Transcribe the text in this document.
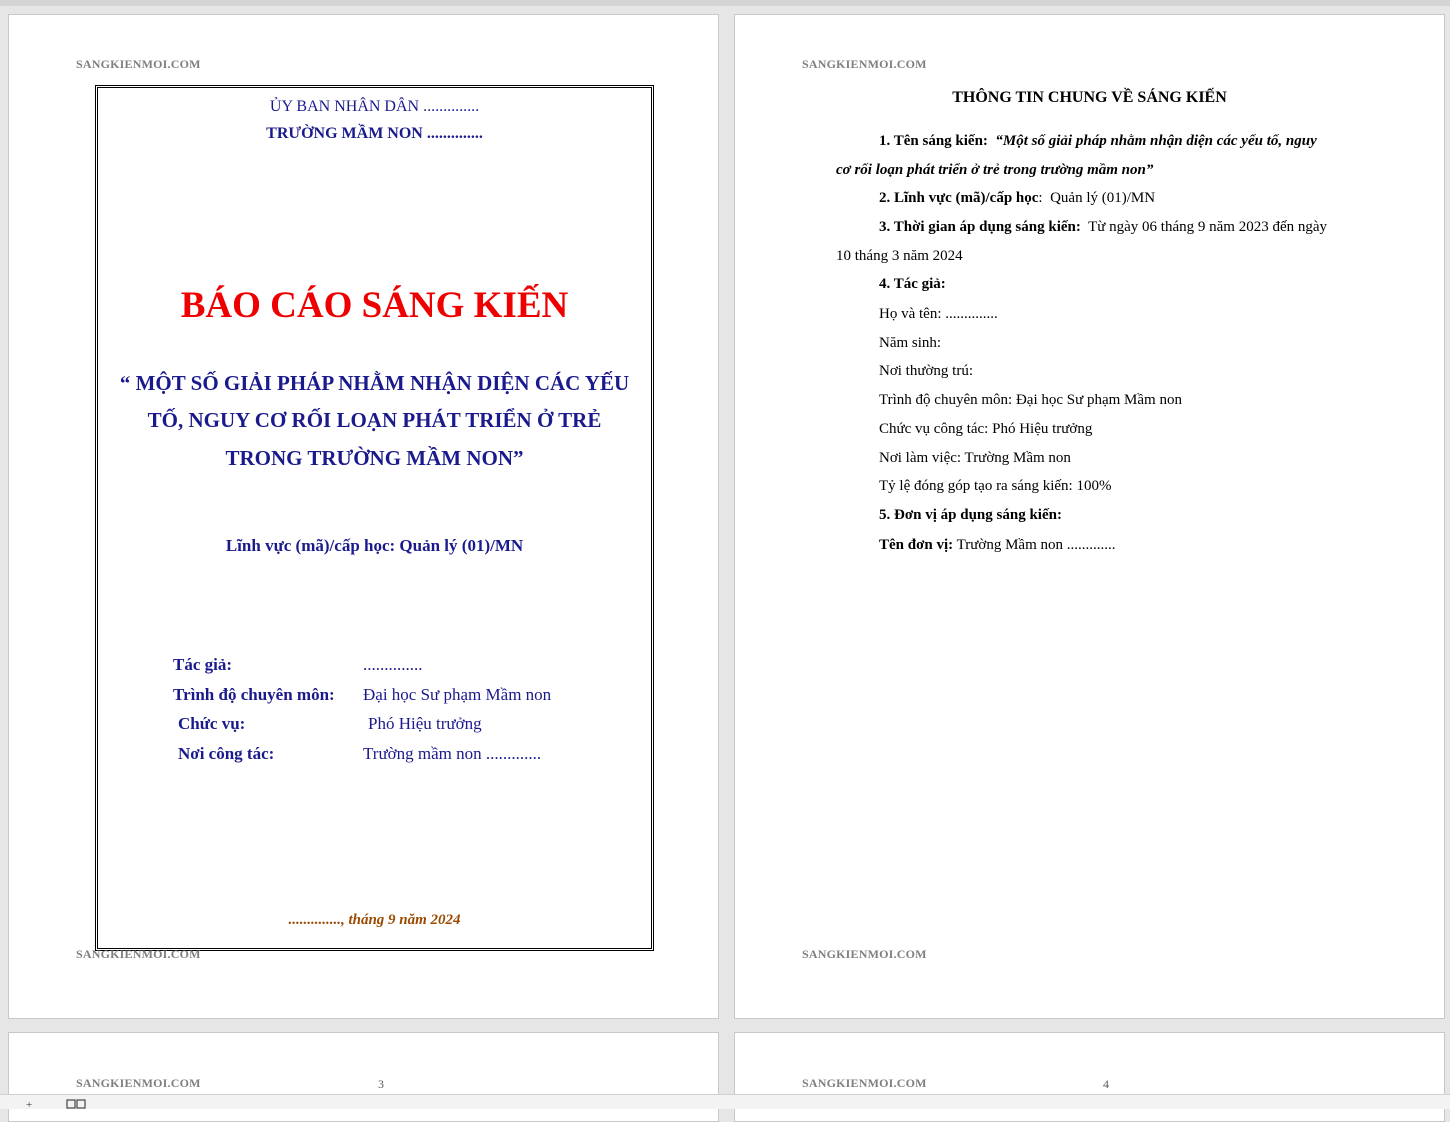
SANGKIENMOI.COM
ỦY BAN NHÂN DÂN ..............
TRƯỜNG MẦM NON ..............
BÁO CÁO SÁNG KIẾN
“ MỘT SỐ GIẢI PHÁP NHẰM NHẬN DIỆN CÁC YẾU
TỐ, NGUY CƠ RỐI LOẠN PHÁT TRIỂN Ở TRẺ
TRONG TRƯỜNG MẦM NON”
Lĩnh vực (mã)/cấp học: Quản lý (01)/MN
Tác giả:	..............
Trình độ chuyên môn: Đại học Sư phạm Mầm non
Chức vụ:	Phó Hiệu trưởng
Nơi công tác:	Trường mầm non .............
.............., tháng 9 năm 2024
SANGKIENMOI.COM
SANGKIENMOI.COM
THÔNG TIN CHUNG VỀ SÁNG KIẾN
1. Tên sáng kiến: “Một số giải pháp nhằm nhận diện các yếu tố, nguy
cơ rối loạn phát triển ở trẻ trong trường mầm non”
2. Lĩnh vực (mã)/cấp học: Quản lý (01)/MN
3. Thời gian áp dụng sáng kiến: Từ ngày 06 tháng 9 năm 2023 đến ngày
10 tháng 3 năm 2024
4. Tác giả:
Họ và tên: ..............
Năm sinh:
Nơi thường trú:
Trình độ chuyên môn: Đại học Sư phạm Mầm non
Chức vụ công tác: Phó Hiệu trưởng
Nơi làm việc: Trường Mầm non
Tỷ lệ đóng góp tạo ra sáng kiến: 100%
5. Đơn vị áp dụng sáng kiến:
Tên đơn vị: Trường Mầm non .............
SANGKIENMOI.COM
SANGKIENMOI.COM	3	SANGKIENMOI.COM	4
+
